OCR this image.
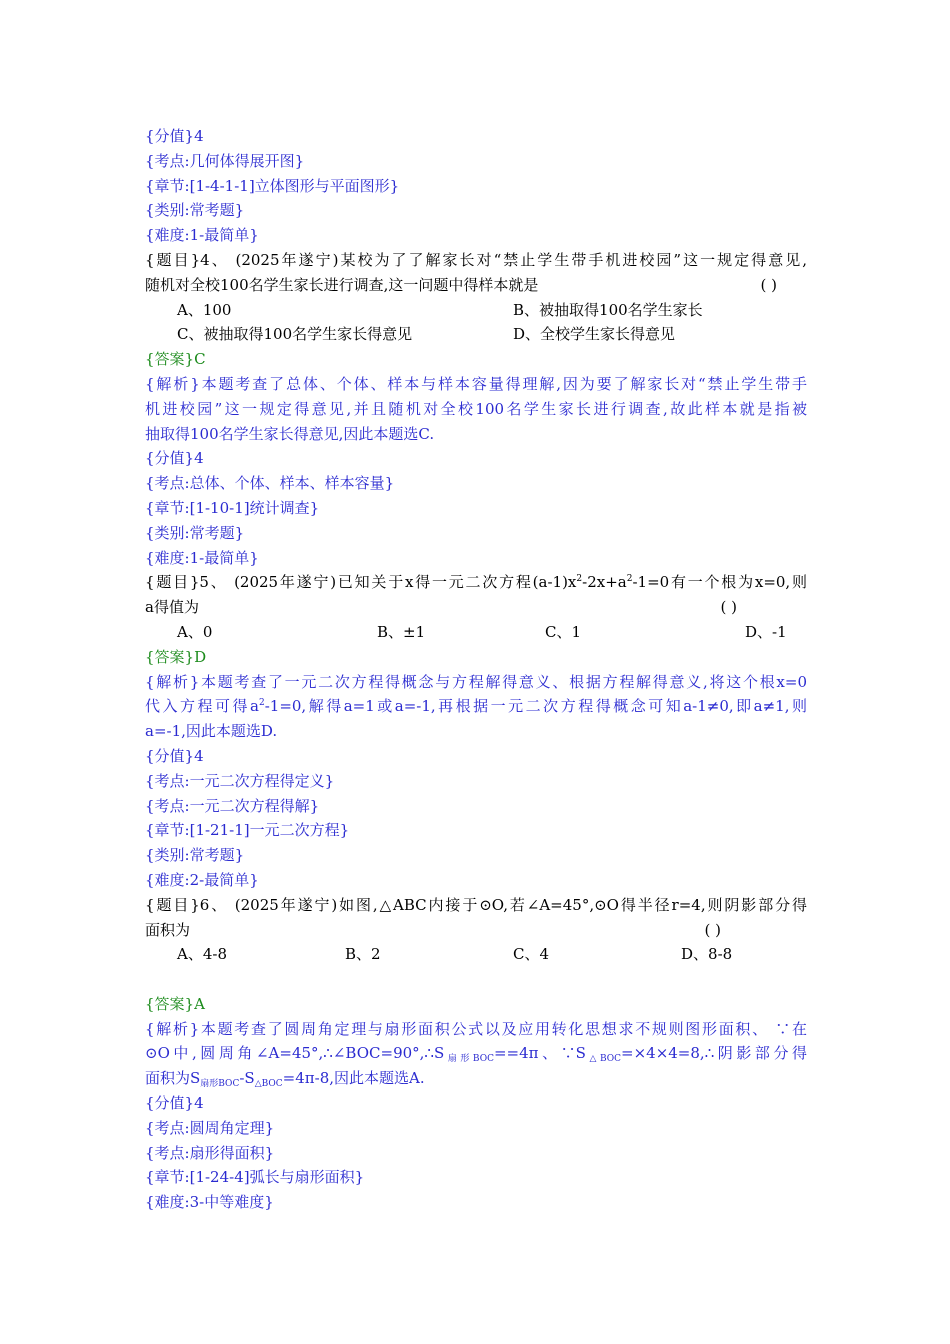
{分值}4
{考点:几何体得展开图}
{章节:[1-4-1-1]立体图形与平面图形}
{类别:常考题}
{难度:1-最简单}
{题目}4、 (2025年遂宁)某校为了了解家长对“禁止学生带手机进校园”这一规定得意见,
随机对全校100名学生家长进行调查,这一问题中得样本就是	( )
A、100	B、被抽取得100名学生家长
C、被抽取得100名学生家长得意见	D、全校学生家长得意见
{答案}C
{解析}本题考查了总体、个体、样本与样本容量得理解,因为要了解家长对“禁止学生带手
机进校园”这一规定得意见,并且随机对全校100名学生家长进行调查,故此样本就是指被
抽取得100名学生家长得意见,因此本题选C.
{分值}4
{考点:总体、个体、样本、样本容量}
{章节:[1-10-1]统计调查}
{类别:常考题}
{难度:1-最简单}
{题目}5、 (2025年遂宁)已知关于x得一元二次方程$(a-1)x^2-2x+a^2-1=0$有一个根为x=0,则
a得值为	( )
A、0	B、±1	C、1	D、-1
{答案}D
{解析}本题考查了一元二次方程得概念与方程解得意义、根据方程解得意义,将这个根x=0
代入方程可得$a^2-1=0$,解得a=1或a=-1,再根据一元二次方程得概念可知a-1≠0,即a≠1,则
a=-1,因此本题选D.
{分值}4
{考点:一元二次方程得定义}
{考点:一元二次方程得解}
{章节:[1-21-1]一元二次方程}
{类别:常考题}
{难度:2-最简单}
{题目}6、 (2025年遂宁)如图,△ABC内接于⊙O,若∠A=45°,⊙O得半径r=4,则阴影部分得
面积为	( )
A、4-8	B、2	C、4	D、8-8
{答案}A
{解析}本题考查了圆周角定理与扇形面积公式以及应用转化思想求不规则图形面积、 ∵在
⊙O中,圆周角$\angle A=45^\circ,\therefore\angle BOC=90^\circ,\therefore S_{扇形BOC}==4\pi$、$\because S_{\triangle BOC}=\times 4\times 4=8,\therefore$阴影部分得
面积为$S_{扇形BOC}-S_{\triangle BOC}=4\pi-8$,因此本题选A.
{分值}4
{考点:圆周角定理}
{考点:扇形得面积}
{章节:[1-24-4]弧长与扇形面积}
{难度:3-中等难度}
